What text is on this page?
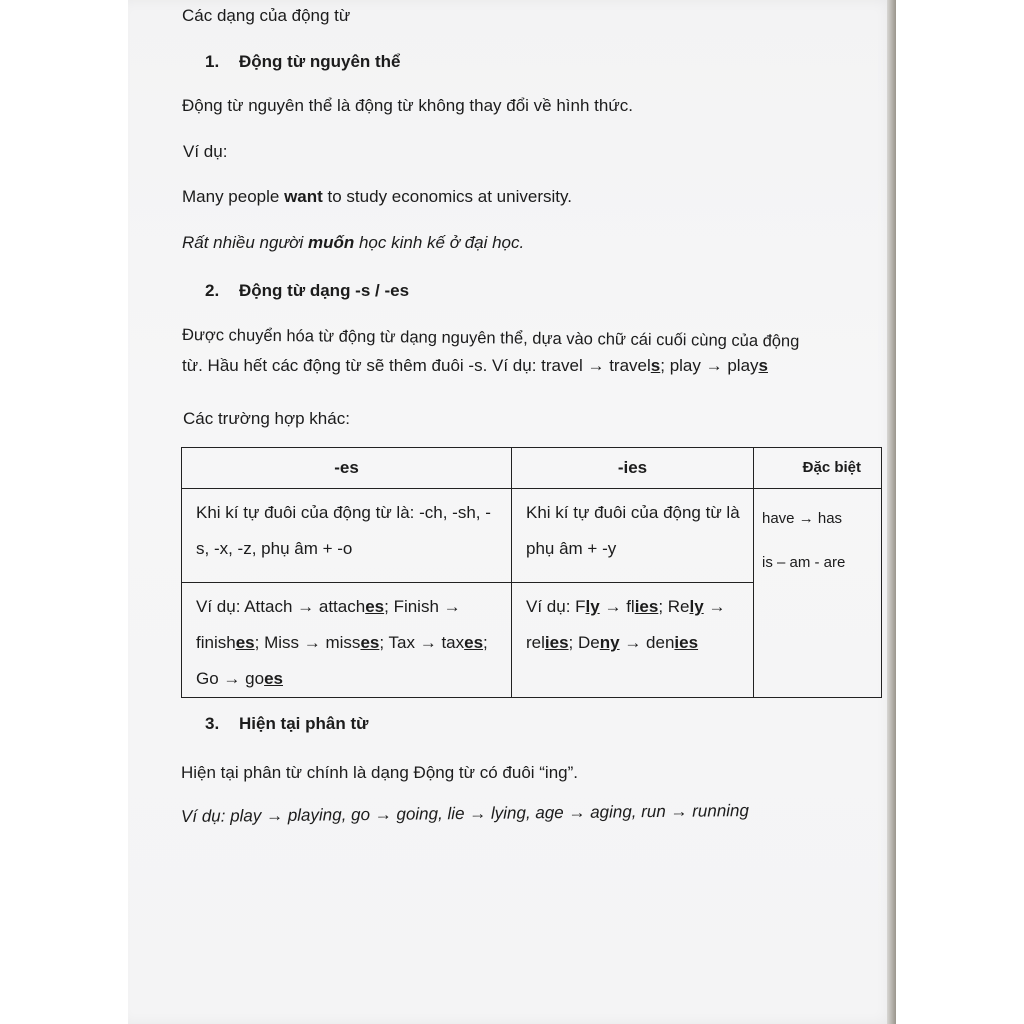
Các dạng của động từ
1. Động từ nguyên thể
Động từ nguyên thể là động từ không thay đổi về hình thức.
Ví dụ:
Many people want to study economics at university.
Rất nhiều người muốn học kinh kế ở đại học.
2. Động từ dạng -s / -es
Được chuyển hóa từ động từ dạng nguyên thể, dựa vào chữ cái cuối cùng của động
từ. Hầu hết các động từ sẽ thêm đuôi -s. Ví dụ: travel → travels; play → plays
Các trường hợp khác:
-es	-ies	Đặc biệt
Khi kí tự đuôi của động từ là: -ch, -sh, -s, -x, -z, phụ âm + -o	Khi kí tự đuôi của động từ là phụ âm + -y	have → has
is – am - are

Ví dụ: Attach → attaches; Finish → finishes; Miss → misses; Tax → taxes; Go → goes	Ví dụ: Fly → flies; Rely → relies; Deny → denies	
3. Hiện tại phân từ
Hiện tại phân từ chính là dạng Động từ có đuôi “ing”.
Ví dụ: play → playing, go → going, lie → lying, age → aging, run → running
